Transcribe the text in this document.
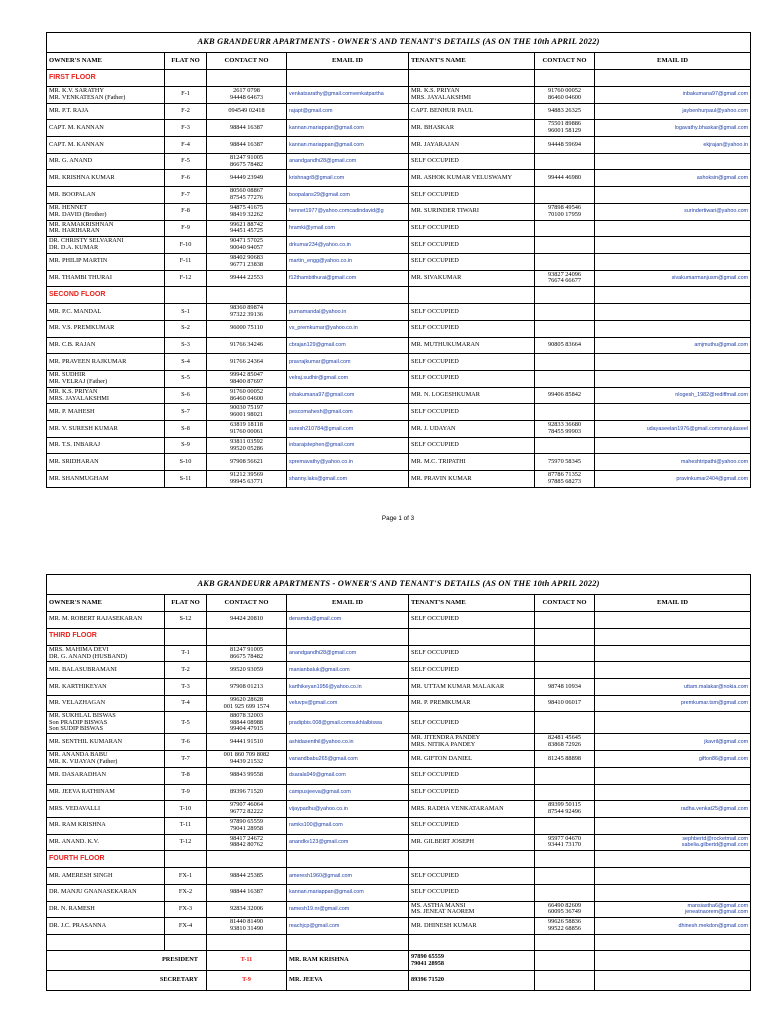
AKB GRANDEURR APARTMENTS - OWNER'S AND TENANT'S DETAILS (AS ON THE 10th APRIL 2022)						
OWNER'S NAME	FLAT NO	CONTACT NO	EMAIL ID	TENANT'S NAME	CONTACT NO	EMAIL ID
FIRST FLOOR						

MR. K.V. SARATHY
MR. VENKATESAN (Father)	F-1	2617 0798
94448 64673	venkatsarathy@gmail.comvenkatpartha	MR. K.S. PRIYAN
MRS. JAYALAKSHMI	91760 00052
86460 04600	inbakumana97@gmail.com

MR. P.T. RAJA	F-2	094549 02418	rajapt@gmail.com	CAPT. BENHUR PAUL	94883 26325	jaybenhurpaul@yahoo.com

CAPT. M. KANNAN	F-3	98844 16387	kannan.mariappan@gmail.com	MR. BHASKAR	75501 89886
96001 58129	logavathy.bhaskar@gmail.com

CAPT. M. KANNAN	F-4	98844 16387	kannan.mariappan@gmail.com	MR. JAYARAJAN	94448 59694	ekjrajan@yahoo.in

MR. G. ANAND	F-5	81247 91005
86675 78482	anandgandhi28@gmail.com	SELF OCCUPIED		

MR. KRISHNA KUMAR	F-6	94449 23949	krishnagr8@gmail.com	MR. ASHOK KUMAR VELUSWAMY	99444 46980	ashoksin@gmail.com

MR. BOOPALAN	F-7	80560 08867
87545 77276	boopalans29@gmail.com	SELF OCCUPIED		

MR. HENNET
MR. DAVID (Brother)	F-8	94875 41675
98419 32262	hennet1977@yahoo.comcadindavid@g	MR. SURINDER TIWARI	97898 49546
70100 17959	surindertiwari@yahoo.com

MR. RAMAKRISHNAN
MR. HARIHARAN	F-9	99621 88742
94451 45725	hramki@ymail.com	SELF OCCUPIED		

DR. CHRISTY SELVARANI
DR. D.A. KUMAR	F-10	90471 57025
90040 94057	drkumar234@yahoo.co.in	SELF OCCUPIED		

MR. PHILIP MARTIN	F-11	98402 90683
96771 23838	martin_engg@yahoo.co.in	SELF OCCUPIED		

MR. THAMBI THURAI	F-12	99444 22553	f12thambithurai@gmail.com	MR. SIVAKUMAR	93827 24096
76674 66677	sivakumarmanjusm@gmail.com

SECOND FLOOR						

MR. P.C. MANDAL	S-1	98360 89874
97322 39136	purnamandal@yahoo.in	SELF OCCUPIED		

MR. V.S. PREMKUMAR	S-2	96000 75110	vs_premkumar@yahoo.co.in	SELF OCCUPIED		

MR. C.B. RAJAN	S-3	91766 34246	cbrajan129@gmail.com	MR. MUTHUKUMARAN	90805 83664	amjmuthu@gmail.com

MR. PRAVEEN RAJKUMAR	S-4	91766 24364	pravrajkumar@gmail.com	SELF OCCUPIED		

MR. SUDHIR
MR. VELRAJ (Father)	S-5	99942 85047
98400 87697	velraj.sudhir@gmail.com	SELF OCCUPIED		

MR. K.S. PRIYAN
MRS. JAYALAKSHMI	S-6	91760 00052
86460 04600	inbakumana97@gmail.com	MR. N. LOGESHKUMAR	99406 85842	nlogesh_1982@rediffmail.com

MR. P. MAHESH	S-7	90030 75197
96001 98021	pescomahesh@gmail.com	SELF OCCUPIED		

MR. V. SURESH KUMAR	S-8	63819 18118
91760 00061	suresh210784@gmail.com	MR. J. UDAYAN	92833 36680
78455 99903	udayaseelan1976@gmail.commanjulaseel

MR. T.S. INBARAJ	S-9	93811 03592
99520 05286	inbarajstephen@gmail.com	SELF OCCUPIED		

MR. SRIDHARAN	S-10	97908 56621	spremavathy@yahoo.co.in	MR. M.C. TRIPATHI	75970 58345	maheshtripathi@yahoo.com

MR. SHANMUGHAM	S-11	91212 39569
99945 63771	shanny.laks@gmail.com	MR. PRAVIN KUMAR	87786 71352
97885 68273	pravinkumar2404@gmail.com
Page 1 of 3
AKB GRANDEURR APARTMENTS - OWNER'S AND TENANT'S DETAILS (AS ON THE 10th APRIL 2022)						
OWNER'S NAME	FLAT NO	CONTACT NO	EMAIL ID	TENANT'S NAME	CONTACT NO	EMAIL ID

MR. M. ROBERT RAJASEKARAN	S-12	94424 20810	densmdu@gmail.com	SELF OCCUPIED		

THIRD FLOOR						

MRS. MAHIMA DEVI
DR. G. ANAND (HUSBAND)	T-1	81247 91005
86675 78482	anandgandhi28@gmail.com	SELF OCCUPIED		

MR. BALASUBRAMANI	T-2	99520 93059	manianbaluk@gmail.com	SELF OCCUPIED		

MR. KARTHIKEYAN	T-3	97908 01213	karthikeyan1956@yahoo.co.in	MR. UTTAM KUMAR MALAKAR	98748 10934	uttam.malakar@nokia.com

MR. VELAZHAGAN	T-4	99620 28628
001 925 699 1574	veluvpv@gmail.com	MR. P. PREMKUMAR	98410 06017	premkumar.tsm@gmail.com

MR. SUKHLAL BISWAS
Son PRADIP BISWAS
Son SUDIP BISWAS	T-5	88078 32003
98844 08988
99404 47915	pradipbis.008@gmail.comsukhlalbiswa	SELF OCCUPIED		

MR. SENTHIL KUMARAN	T-6	94441 91510	ashidasenthil@yahoo.co.in	MR. JITENDRA PANDEY
MRS. NITIKA PANDEY	82481 45645
83868 72926	jkavril@gmail.com

MR. ANANDA BABU
MR. K. VIJAYAN (Father)	T-7	001 860 709 8082
94439 21532	vanandbabu265@gmail.com	MR. GIFTON DANIEL	81245 88898	gifton86@gmail.com

MR. DASARADHAN	T-8	98843 99558	dsarala949@gmail.com	SELF OCCUPIED		

MR. JEEVA RATHINAM	T-9	89396 71520	campusjeeva@gmail.com	SELF OCCUPIED		

MRS. VEDAVALLI	T-10	97907 46064
96772 82222	vijaypadhu@yahoo.co.in	MRS. RADHA VENKATARAMAN	89399 50115
87544 92496	radha.venkat25@gmail.com

MR. RAM KRISHNA	T-11	97890 65559
79041 28958	ramks100@gmail.com	SELF OCCUPIED		

MR. ANAND. K.V.	T-12	98417 24672
98842 80762	anandkv123@gmail.com	MR. GILBERT JOSEPH	95977 04670
93441 73170	sephbertd@rocketmail.com
sabelia.gilbertd@gmail.com

FOURTH FLOOR						

MR. AMERESH SINGH	FX-1	98844 25385	ameresh1960@gmail.com	SELF OCCUPIED		

DR. MANJU GNANASEKARAN	FX-2	98844 16387	kannan.mariappan@gmail.com	SELF OCCUPIED		

DR. N. RAMESH	FX-3	92834 32006	ramesh19.nr@gmail.com	MS. ASTHA MANSI
MS. JENEAT NAOREM	66490 82609
60095 36749	mansiastha6@gmail.com
jeneatnaorem@gmail.com

DR. J.C. PRASANNA	FX-4	81440 81490
93810 31490	reachjcp@gmail.com	MR. DHINESH KUMAR	99626 58836
99522 68856	dhinesh.mekdon@gmail.com

PRESIDENT		T-11	MR. RAM KRISHNA	97890 65559
79041 28958		

SECRETARY		T-9	MR. JEEVA	89396 71520		
